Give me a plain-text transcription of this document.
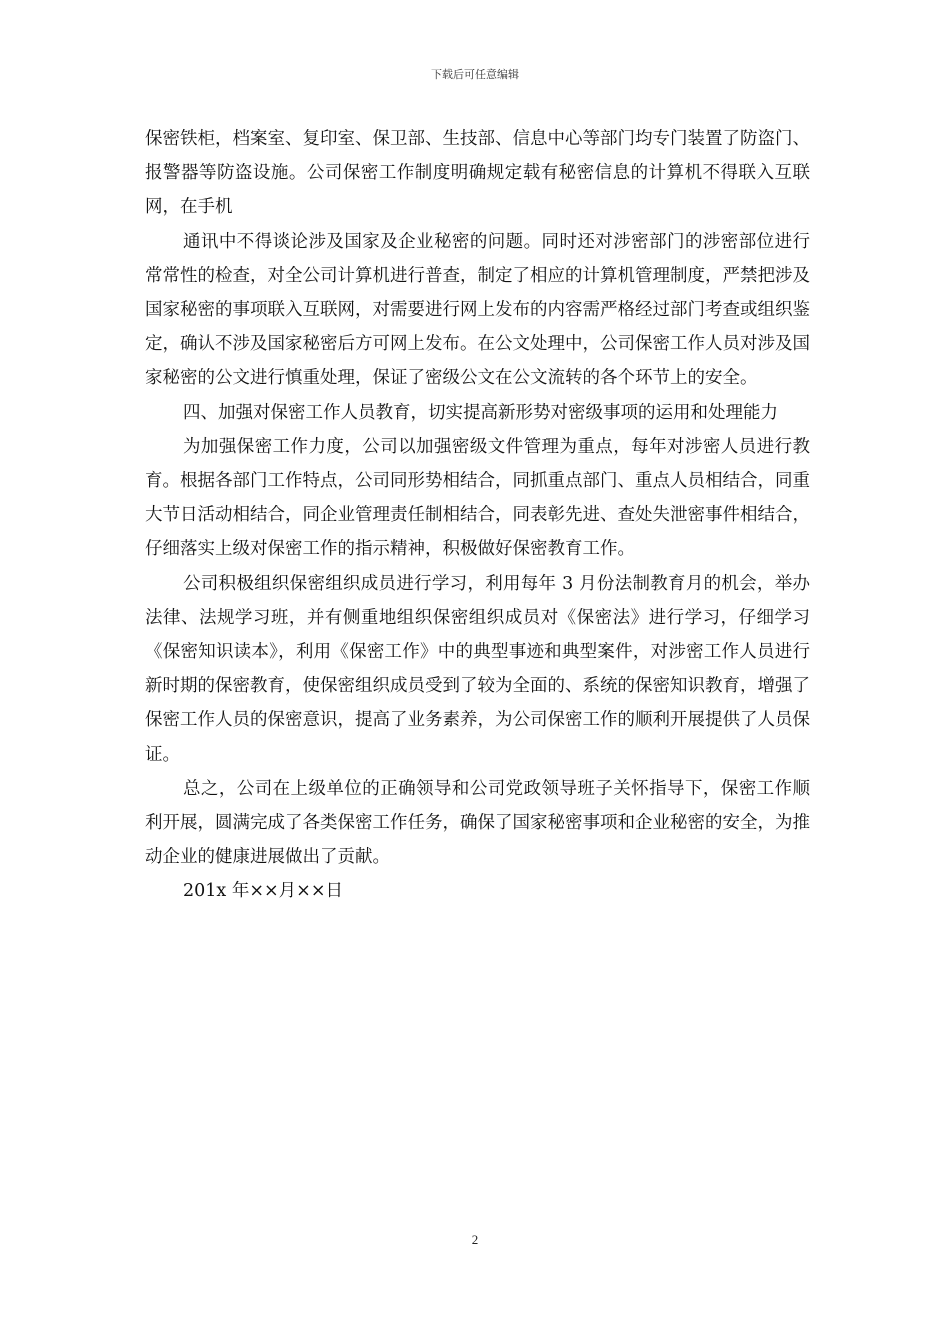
下载后可任意编辑

保密铁柜，档案室、复印室、保卫部、生技部、信息中心等部门均专门装置了防盗门、报警器等防盗设施。公司保密工作制度明确规定载有秘密信息的计算机不得联入互联网，在手机

通讯中不得谈论涉及国家及企业秘密的问题。同时还对涉密部门的涉密部位进行常常性的检查，对全公司计算机进行普查，制定了相应的计算机管理制度，严禁把涉及国家秘密的事项联入互联网，对需要进行网上发布的内容需严格经过部门考查或组织鉴定，确认不涉及国家秘密后方可网上发布。在公文处理中，公司保密工作人员对涉及国家秘密的公文进行慎重处理，保证了密级公文在公文流转的各个环节上的安全。

四、加强对保密工作人员教育，切实提高新形势对密级事项的运用和处理能力

为加强保密工作力度，公司以加强密级文件管理为重点，每年对涉密人员进行教育。根据各部门工作特点，公司同形势相结合，同抓重点部门、重点人员相结合，同重大节日活动相结合，同企业管理责任制相结合，同表彰先进、查处失泄密事件相结合，仔细落实上级对保密工作的指示精神，积极做好保密教育工作。

公司积极组织保密组织成员进行学习，利用每年 3 月份法制教育月的机会，举办法律、法规学习班，并有侧重地组织保密组织成员对《保密法》进行学习，仔细学习《保密知识读本》，利用《保密工作》中的典型事迹和典型案件，对涉密工作人员进行新时期的保密教育，使保密组织成员受到了较为全面的、系统的保密知识教育，增强了保密工作人员的保密意识，提高了业务素养，为公司保密工作的顺利开展提供了人员保证。

总之，公司在上级单位的正确领导和公司党政领导班子关怀指导下，保密工作顺利开展，圆满完成了各类保密工作任务，确保了国家秘密事项和企业秘密的安全，为推动企业的健康进展做出了贡献。

201x 年××月××日

2
